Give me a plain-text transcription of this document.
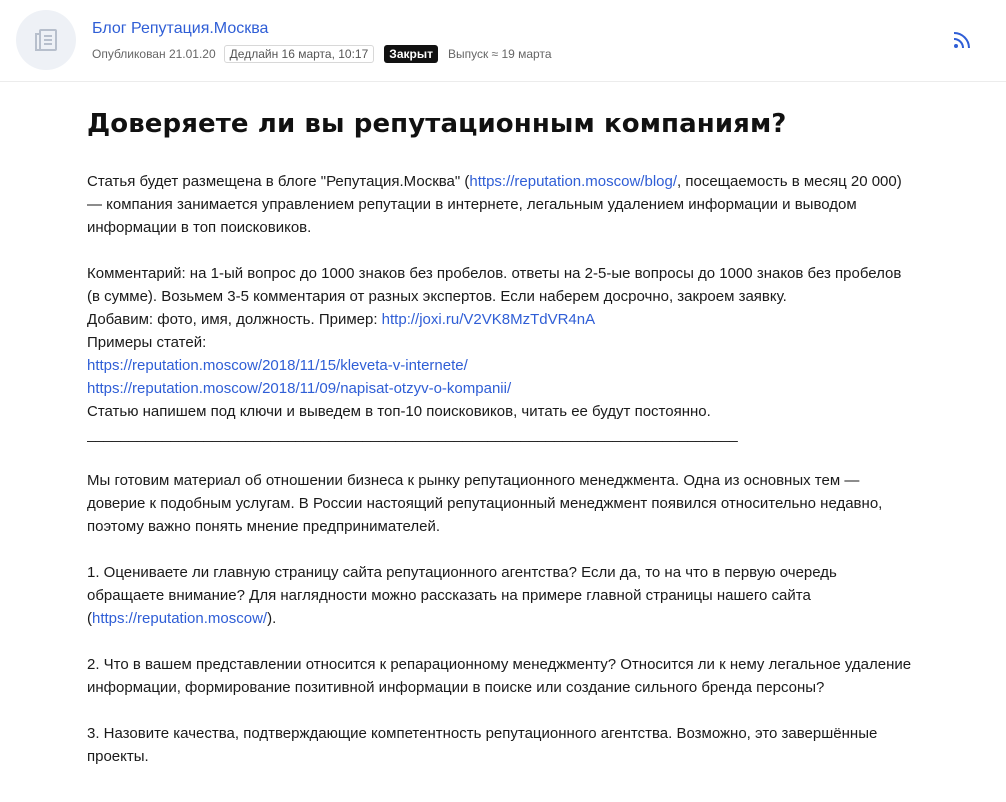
Блог Репутация.Москва
Опубликован 21.01.20	Дедлайн 16 марта, 10:17	Закрыт	Выпуск ≈ 19 марта
Доверяете ли вы репутационным компаниям?

Статья будет размещена в блоге "Репутация.Москва" (https://reputation.moscow/blog/, посещаемость в месяц 20 000) — компания занимается управлением репутации в интернете, легальным удалением информации и выводом информации в топ поисковиков.

Комментарий: на 1-ый вопрос до 1000 знаков без пробелов. ответы на 2-5-ые вопросы до 1000 знаков без пробелов (в сумме). Возьмем 3-5 комментария от разных экспертов. Если наберем досрочно, закроем заявку.

Добавим: фото, имя, должность. Пример: http://joxi.ru/V2VK8MzTdVR4nA

Примеры статей:

https://reputation.moscow/2018/11/15/kleveta-v-internete/

https://reputation.moscow/2018/11/09/napisat-otzyv-o-kompanii/

Статью напишем под ключи и выведем в топ-10 поисковиков, читать ее будут постоянно.

______________________________________________________________________________

Мы готовим материал об отношении бизнеса к рынку репутационного менеджмента. Одна из основных тем — доверие к подобным услугам. В России настоящий репутационный менеджмент появился относительно недавно, поэтому важно понять мнение предпринимателей.

1. Оцениваете ли главную страницу сайта репутационного агентства? Если да, то на что в первую очередь обращаете внимание? Для наглядности можно рассказать на примере главной страницы нашего сайта (https://reputation.moscow/).

2. Что в вашем представлении относится к репарационному менеджменту? Относится ли к нему легальное удаление информации, формирование позитивной информации в поиске или создание сильного бренда персоны?

3. Назовите качества, подтверждающие компетентность репутационного агентства. Возможно, это завершённые проекты.
